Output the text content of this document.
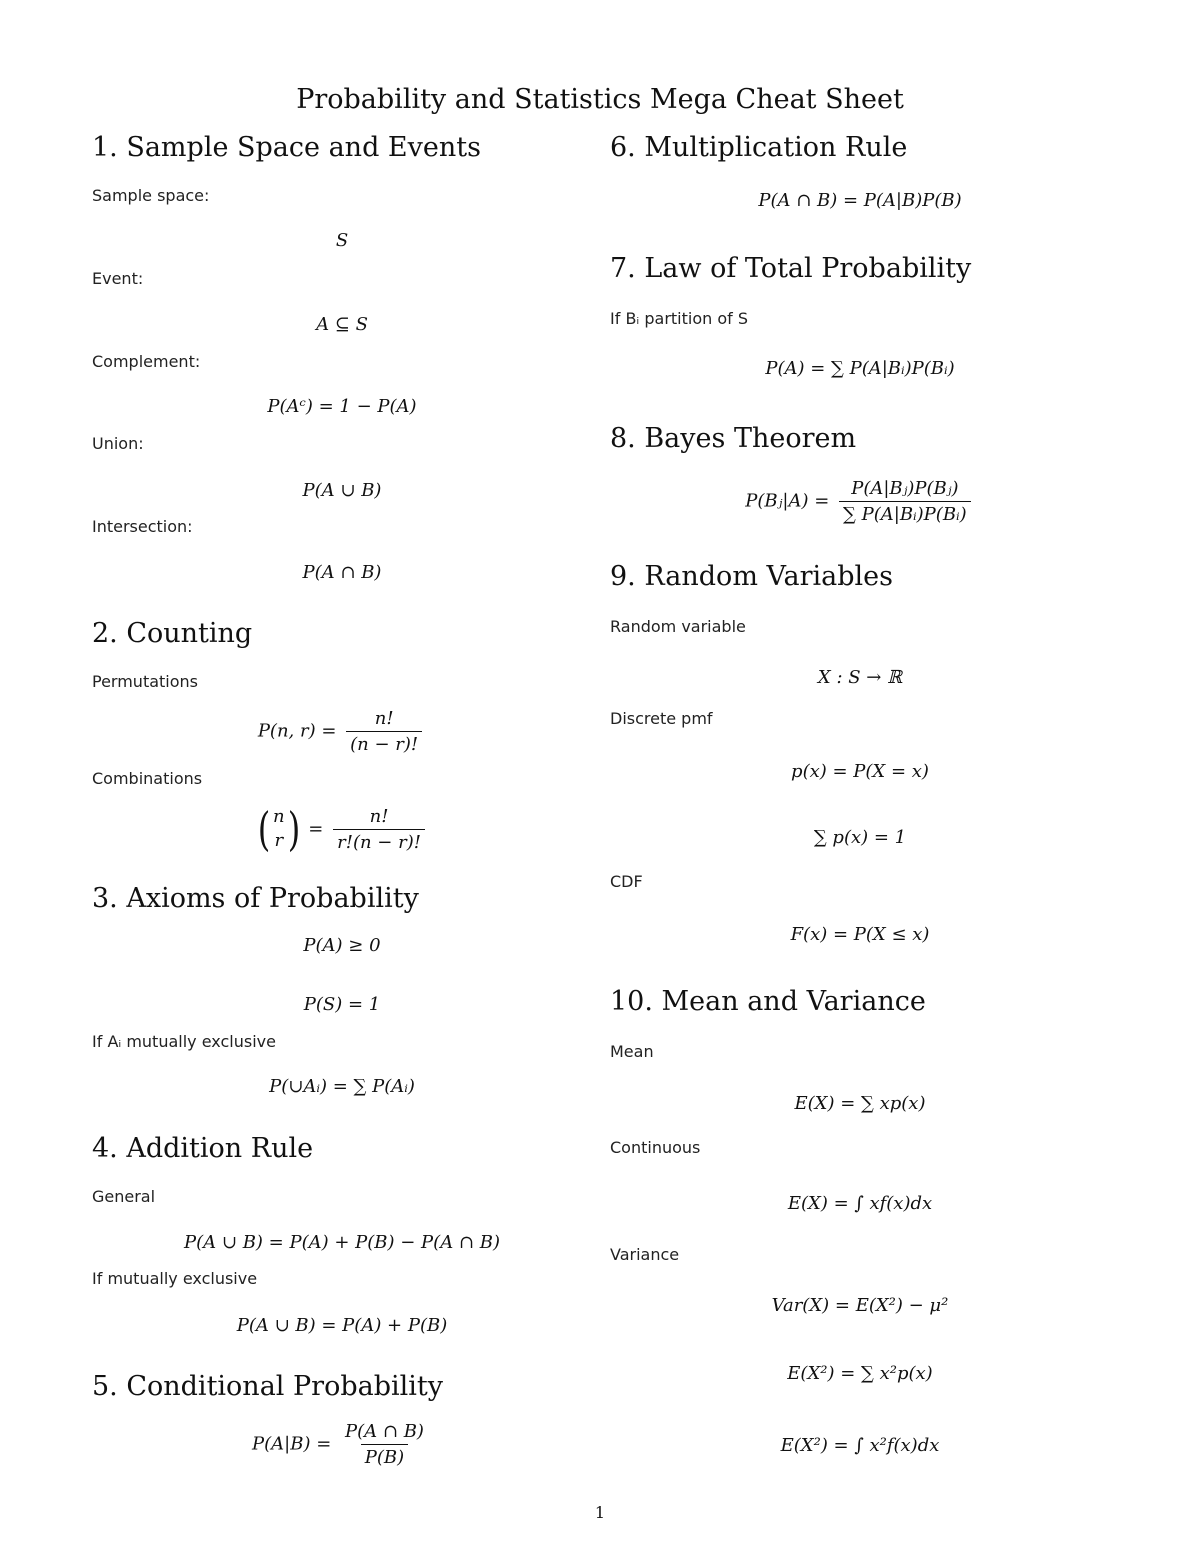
Probability and Statistics Mega Cheat Sheet
1. Sample Space and Events
Sample space:
S
Event:
A ⊆ S
Complement:
P(Aᶜ) = 1 − P(A)
Union:
P(A ∪ B)
Intersection:
P(A ∩ B)
2. Counting
Permutations
P(n, $r) = \frac{n!}{(n - r)!}$
Combinations
( n
r ) = $\frac{n!}{r!(n - r)!}$
3. Axioms of Probability
P(A) ≥ 0
P(S) = 1
If Aᵢ mutually exclusive
P(∪Aᵢ) = ∑ P(Aᵢ)
4. Addition Rule
General
P(A ∪ B) = P(A) + P(B) − P(A ∩ B)
If mutually exclusive
P(A ∪ B) = P(A) + P(B)
5. Conditional Probability
$P(A|B) = \frac{P(A \cap B)}{P(B)}$
6. Multiplication Rule
P(A ∩ B) = P(A|B)P(B)
7. Law of Total Probability
If Bᵢ partition of S
P(A) = ∑ P(A|Bᵢ)P(Bᵢ)
8. Bayes Theorem
P(Bⱼ|A) = $\frac{\text{P(A|Bⱼ)P(Bⱼ)}}{\text{∑ P(A|Bᵢ)P(Bᵢ)}}$
9. Random Variables
Random variable
X : S → ℝ
Discrete pmf
p(x) = P(X = x)
∑ p(x) = 1
CDF
F(x) = P(X ≤ x)
10. Mean and Variance
Mean
E(X) = ∑ xp(x)
Continuous
E(X) = ∫ xf(x)dx
Variance
Var(X) = E(X²) − μ²
E(X²) = ∑ x²p(x)
E(X²) = ∫ x²f(x)dx
1
